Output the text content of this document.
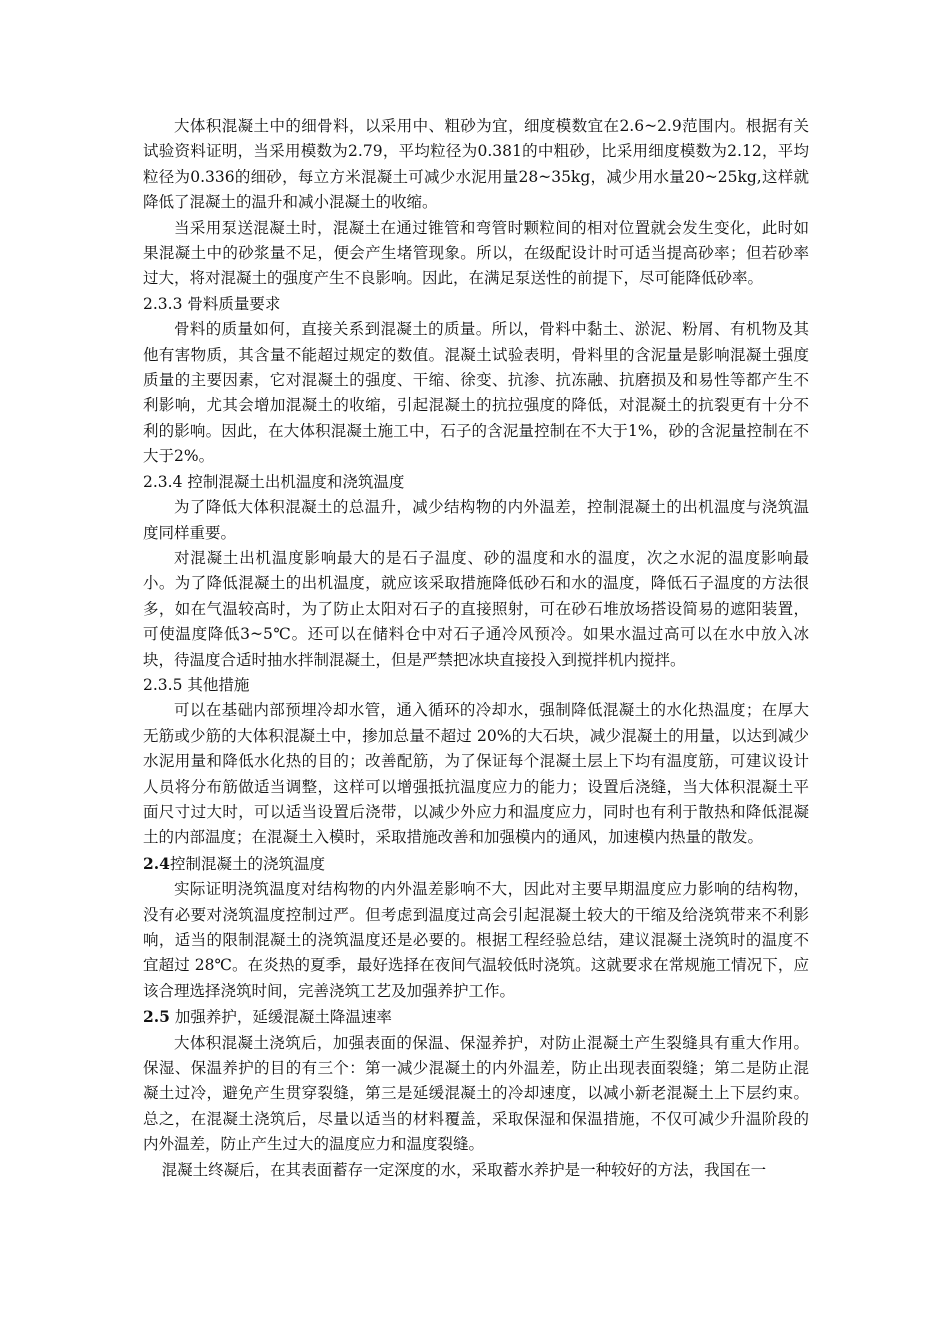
大体积混凝土中的细骨料，以采用中、粗砂为宜，细度模数宜在2.6~2.9范围内。根据有关试验资料证明，当采用模数为2.79，平均粒径为0.381的中粗砂，比采用细度模数为2.12，平均粒径为0.336的细砂，每立方米混凝土可减少水泥用量28~35kg，减少用水量20~25kg,这样就降低了混凝土的温升和减小混凝土的收缩。

当采用泵送混凝土时，混凝土在通过锥管和弯管时颗粒间的相对位置就会发生变化，此时如果混凝土中的砂浆量不足，便会产生堵管现象。所以，在级配设计时可适当提高砂率；但若砂率过大，将对混凝土的强度产生不良影响。因此，在满足泵送性的前提下，尽可能降低砂率。

2.3.3 骨料质量要求

骨料的质量如何，直接关系到混凝土的质量。所以，骨料中黏土、淤泥、粉屑、有机物及其他有害物质，其含量不能超过规定的数值。混凝土试验表明，骨料里的含泥量是影响混凝土强度质量的主要因素，它对混凝土的强度、干缩、徐变、抗渗、抗冻融、抗磨损及和易性等都产生不利影响，尤其会增加混凝土的收缩，引起混凝土的抗拉强度的降低，对混凝土的抗裂更有十分不利的影响。因此，在大体积混凝土施工中，石子的含泥量控制在不大于1%，砂的含泥量控制在不大于2%。

2.3.4 控制混凝土出机温度和浇筑温度

为了降低大体积混凝土的总温升，减少结构物的内外温差，控制混凝土的出机温度与浇筑温度同样重要。

对混凝土出机温度影响最大的是石子温度、砂的温度和水的温度，次之水泥的温度影响最小。为了降低混凝土的出机温度，就应该采取措施降低砂石和水的温度，降低石子温度的方法很多，如在气温较高时，为了防止太阳对石子的直接照射，可在砂石堆放场搭设简易的遮阳装置，可使温度降低3~5℃。还可以在储料仓中对石子通冷风预冷。如果水温过高可以在水中放入冰块，待温度合适时抽水拌制混凝土，但是严禁把冰块直接投入到搅拌机内搅拌。

2.3.5 其他措施

可以在基础内部预埋冷却水管，通入循环的冷却水，强制降低混凝土的水化热温度；在厚大无筋或少筋的大体积混凝土中，掺加总量不超过 20%的大石块，减少混凝土的用量，以达到减少水泥用量和降低水化热的目的；改善配筋，为了保证每个混凝土层上下均有温度筋，可建议设计人员将分布筋做适当调整，这样可以增强抵抗温度应力的能力；设置后浇缝，当大体积混凝土平面尺寸过大时，可以适当设置后浇带，以减少外应力和温度应力，同时也有利于散热和降低混凝土的内部温度；在混凝土入模时，采取措施改善和加强模内的通风，加速模内热量的散发。

2.4控制混凝土的浇筑温度

实际证明浇筑温度对结构物的内外温差影响不大，因此对主要早期温度应力影响的结构物，没有必要对浇筑温度控制过严。但考虑到温度过高会引起混凝土较大的干缩及给浇筑带来不利影响，适当的限制混凝土的浇筑温度还是必要的。根据工程经验总结，建议混凝土浇筑时的温度不宜超过 28℃。在炎热的夏季，最好选择在夜间气温较低时浇筑。这就要求在常规施工情况下，应该合理选择浇筑时间，完善浇筑工艺及加强养护工作。

2.5 加强养护，延缓混凝土降温速率

大体积混凝土浇筑后，加强表面的保温、保湿养护，对防止混凝土产生裂缝具有重大作用。保湿、保温养护的目的有三个：第一减少混凝土的内外温差，防止出现表面裂缝；第二是防止混凝土过冷，避免产生贯穿裂缝，第三是延缓混凝土的冷却速度，以减小新老混凝土上下层约束。总之，在混凝土浇筑后，尽量以适当的材料覆盖，采取保湿和保温措施，不仅可减少升温阶段的内外温差，防止产生过大的温度应力和温度裂缝。

混凝土终凝后，在其表面蓄存一定深度的水，采取蓄水养护是一种较好的方法，我国在一
